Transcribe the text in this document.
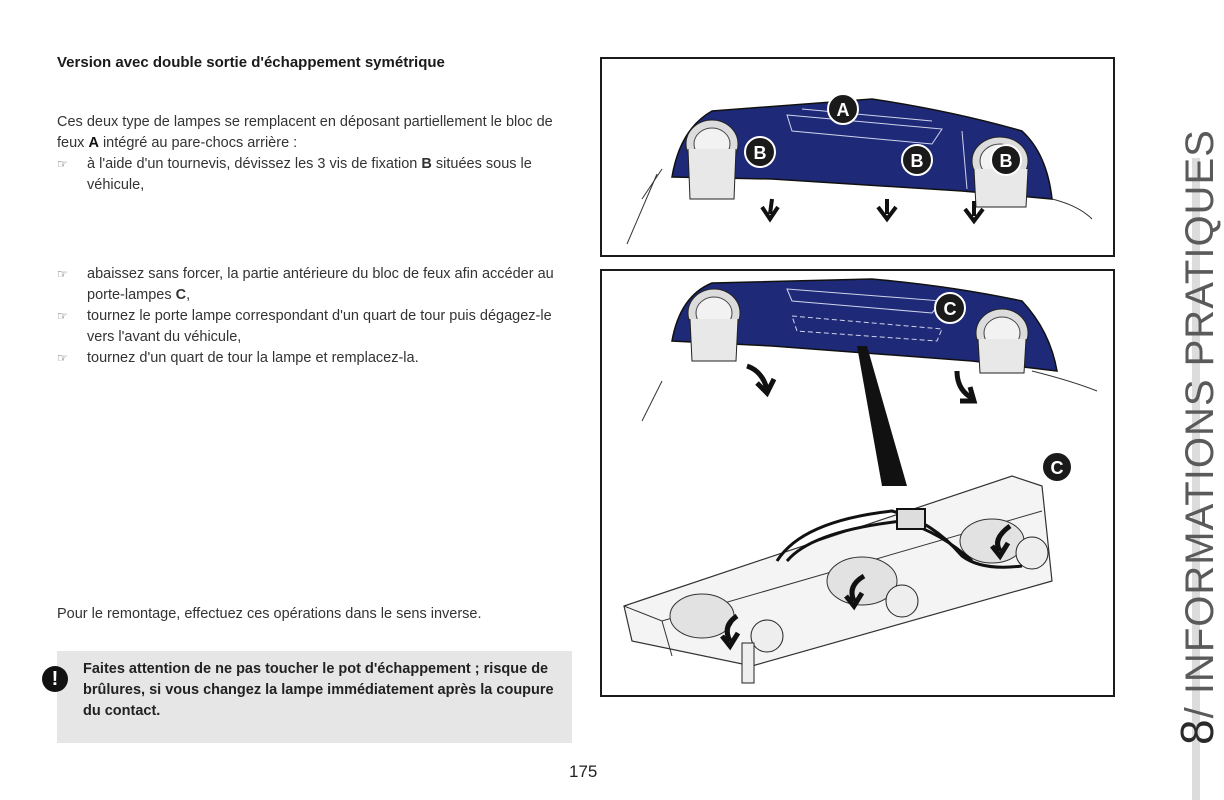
Version avec double sortie d'échappement symétrique
Ces deux type de lampes se remplacent en déposant partiellement le bloc de feux A intégré au pare-chocs arrière :

☞ à l'aide d'un tournevis, dévissez les 3 vis de fixation B situées sous le véhicule,

☞ abaissez sans forcer, la partie antérieure du bloc de feux afin accéder au porte-lampes C,

☞ tournez le porte lampe correspondant d'un quart de tour puis dégagez-le vers l'avant du véhicule,

☞ tournez d'un quart de tour la lampe et remplacez-la.

Pour le remontage, effectuez ces opérations dans le sens inverse.
!	Faites attention de ne pas toucher le pot d'échappement ; risque de brûlures, si vous changez la lampe immédiatement après la coupure du contact.
175
A
B	B	B
C
C
8/ INFORMATIONS PRATIQUES
